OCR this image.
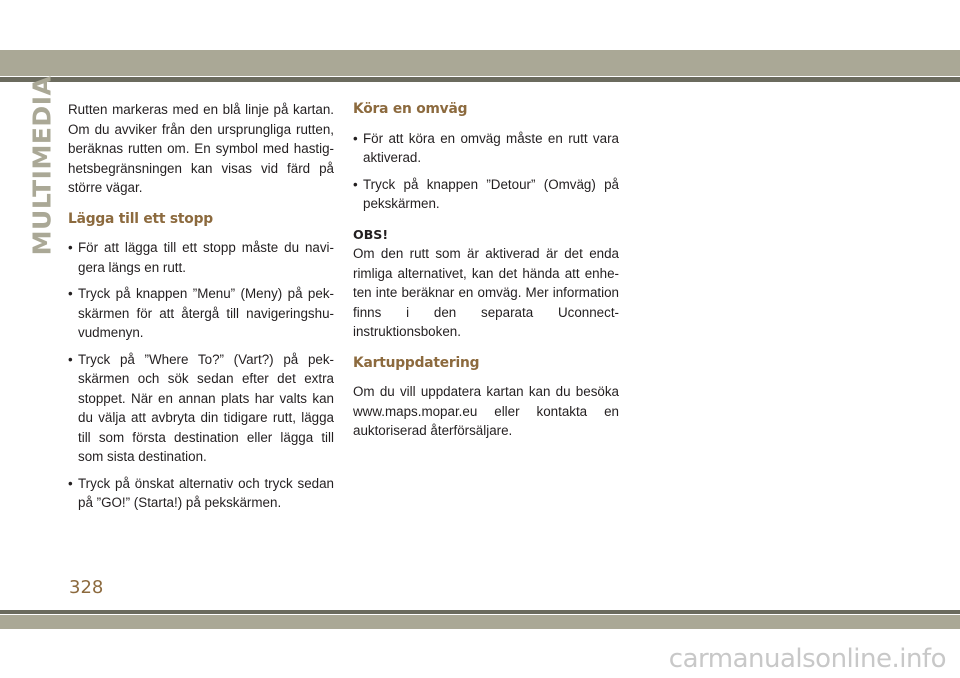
MULTIMEDIA Rutten markeras med en blå linje på kartan. Om du avviker från den ursprungliga rutten, beräknas rutten om. En symbol med hastighetsbegränsningen kan visas vid färd på större vägar.

Lägga till ett stopp
• För att lägga till ett stopp måste du navigera längs en rutt.
• Tryck på knappen ”Menu” (Meny) på pekskärmen för att återgå till navigeringshuvudmenyn.
• Tryck på ”Where To?” (Vart?) på pekskärmen och sök sedan efter det extra stoppet. När en annan plats har valts kan du välja att avbryta din tidigare rutt, lägga till som första destination eller lägga till som sista destination.
• Tryck på önskat alternativ och tryck sedan på ”GO!” (Starta!) på pekskärmen.
Köra en omväg
• För att köra en omväg måste en rutt vara aktiverad.
• Tryck på knappen ”Detour” (Omväg) på pekskärmen.
OBS!

Om den rutt som är aktiverad är det enda rimliga alternativet, kan det hända att enheten inte beräknar en omväg. Mer information finns i den separata Uconnect-instruktionsboken.

Kartuppdatering

Om du vill uppdatera kartan kan du besöka www.maps.mopar.eu eller kontakta en auktoriserad återförsäljare.

328
carmanualsonline.info
